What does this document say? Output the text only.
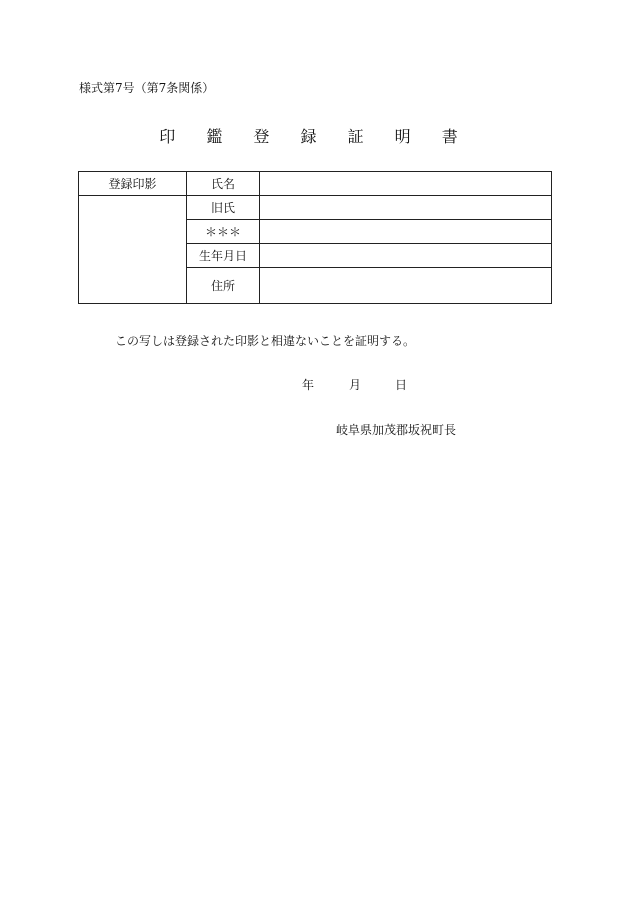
様式第7号（第7条関係）
印 鑑 登 録 証 明 書
登録印影	氏名	
	旧氏	
	＊＊＊	
	生年月日	
	住所	
この写しは登録された印影と相違ないことを証明する。
年	月	日
岐阜県加茂郡坂祝町長
